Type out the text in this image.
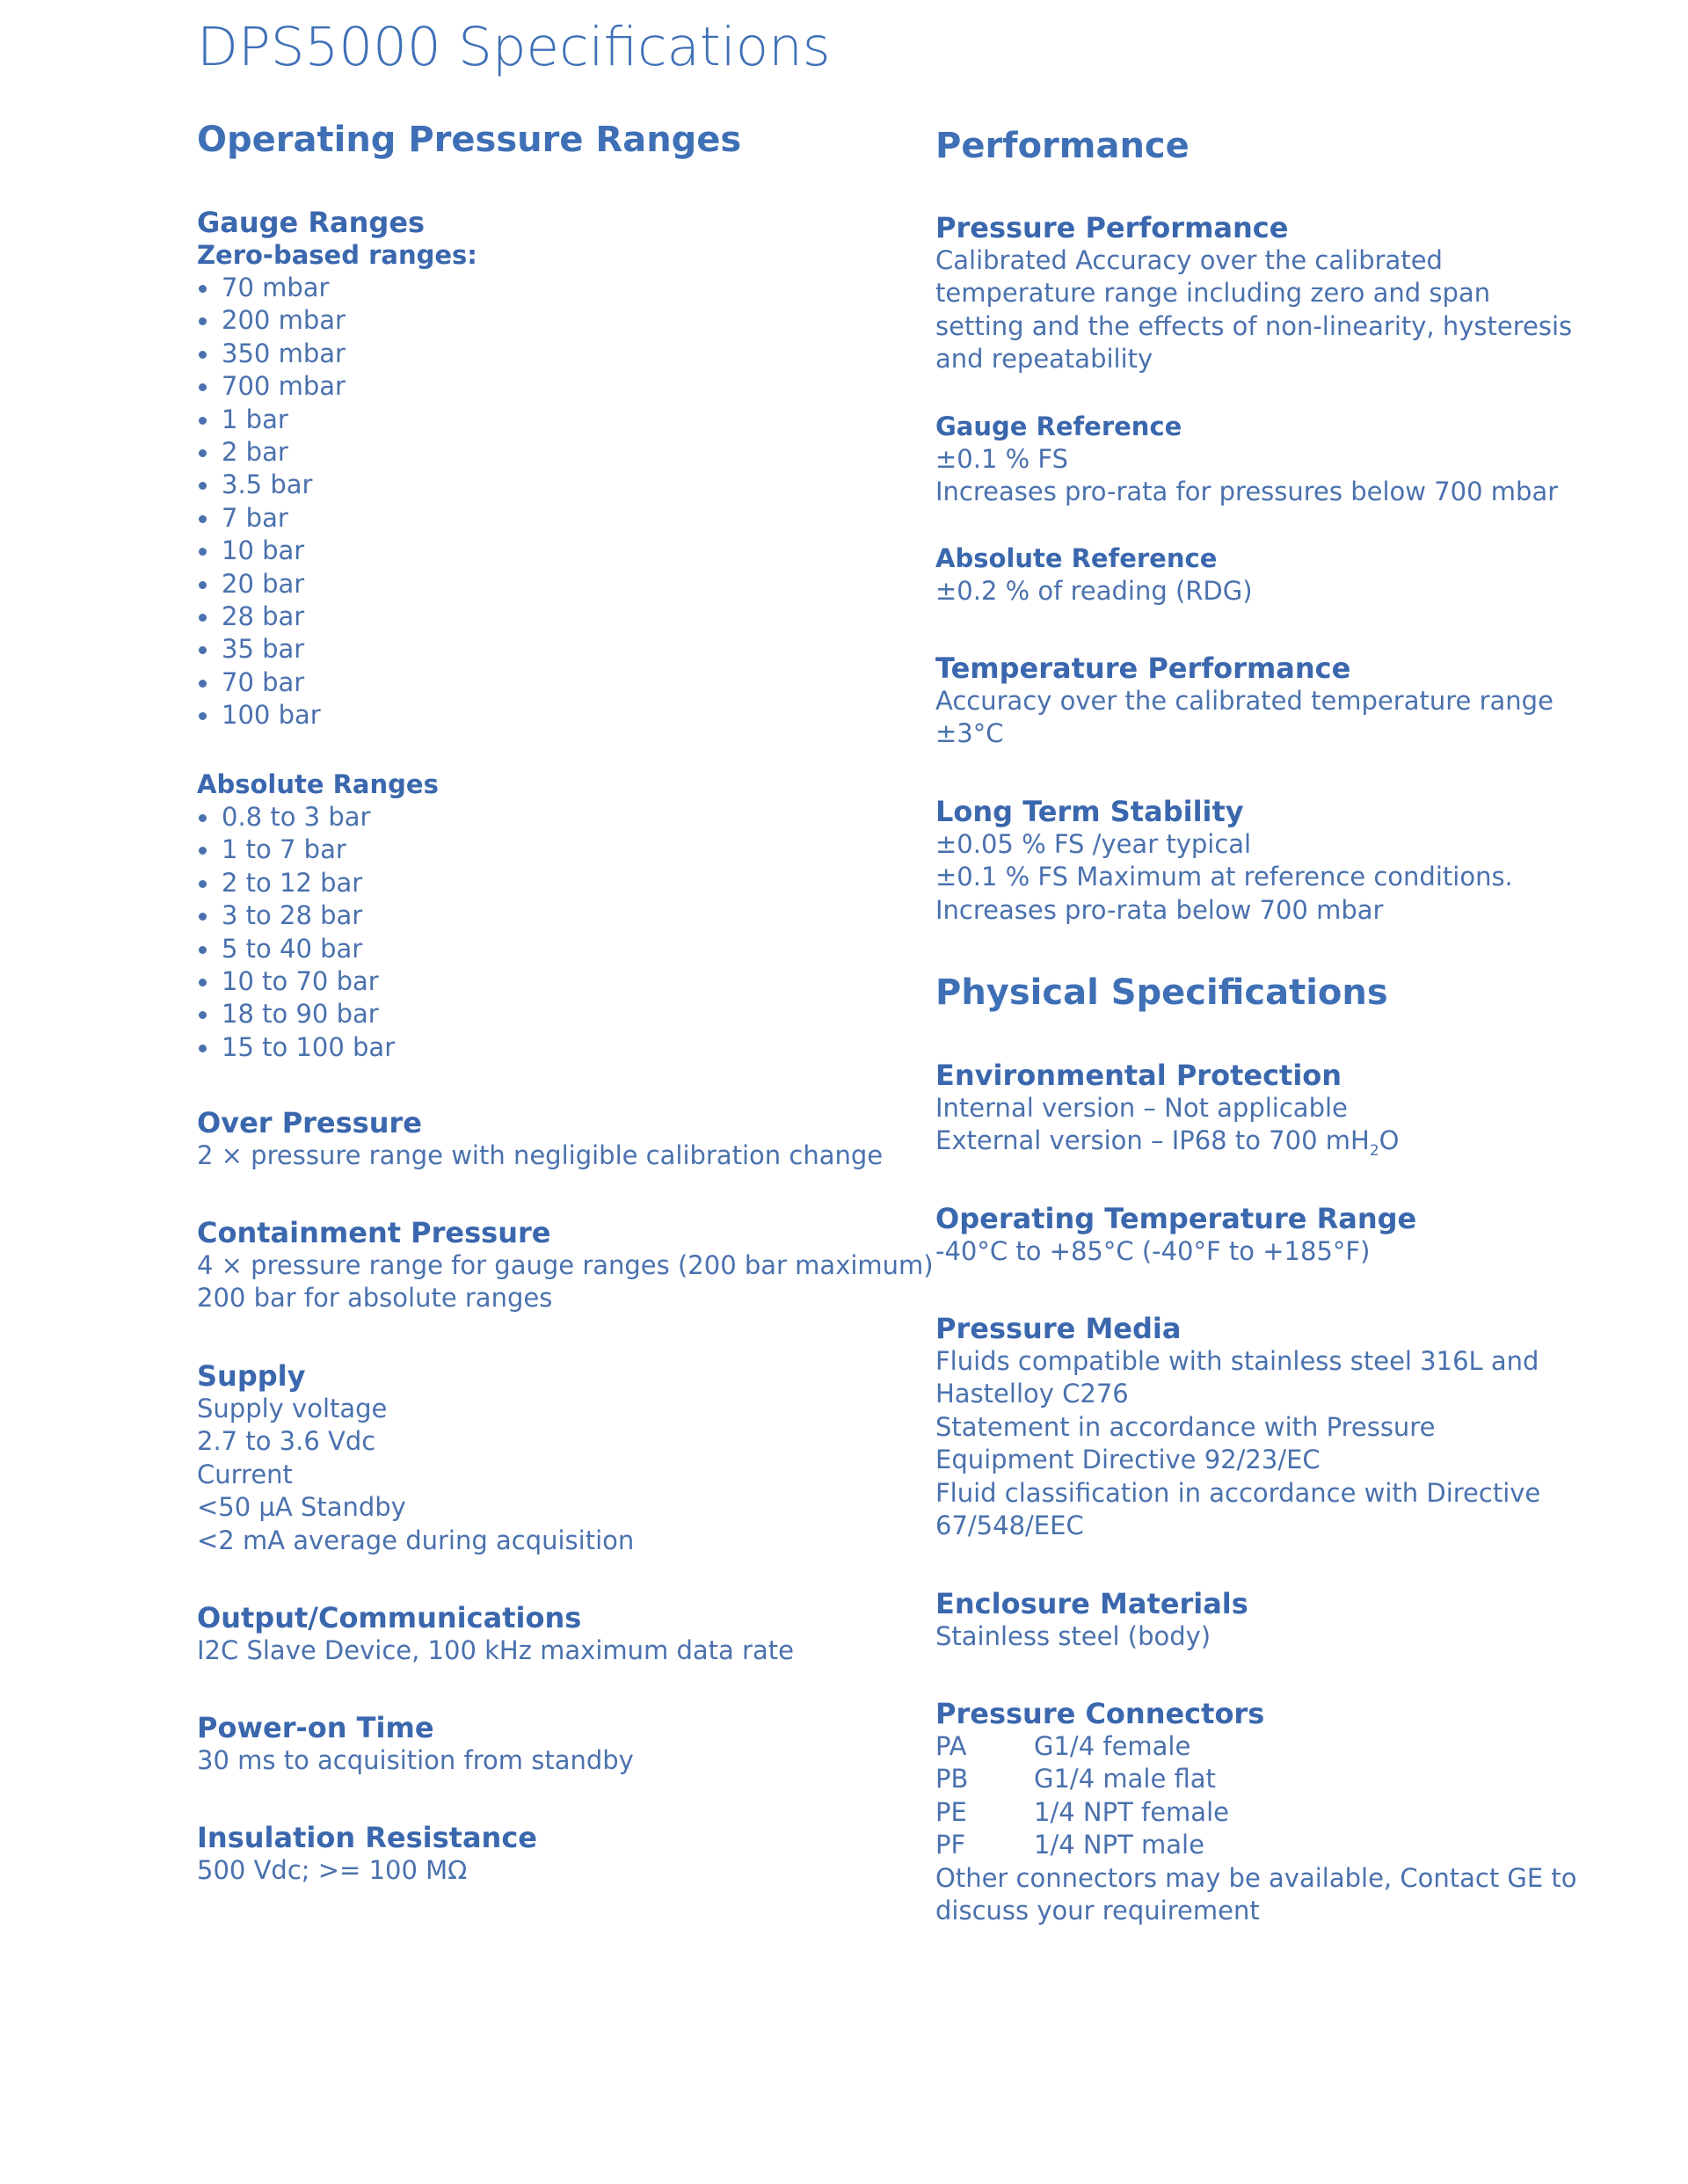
DPS5000 Specifications
Operating Pressure Ranges
Gauge Ranges
Zero-based ranges:
70 mbar
200 mbar
350 mbar
700 mbar
1 bar
2 bar
3.5 bar
7 bar
10 bar
20 bar
28 bar
35 bar
70 bar
100 bar
Absolute Ranges
0.8 to 3 bar
1 to 7 bar
2 to 12 bar
3 to 28 bar
5 to 40 bar
10 to 70 bar
18 to 90 bar
15 to 100 bar
Over Pressure
2 × pressure range with negligible calibration change
Containment Pressure
4 × pressure range for gauge ranges (200 bar maximum)
200 bar for absolute ranges
Supply
Supply voltage
2.7 to 3.6 Vdc
Current
<50 µA Standby
<2 mA average during acquisition
Output/Communications
I2C Slave Device, 100 kHz maximum data rate
Power-on Time
30 ms to acquisition from standby
Insulation Resistance
500 Vdc; >= 100 MΩ
Performance
Pressure Performance
Calibrated Accuracy over the calibrated
temperature range including zero and span
setting and the effects of non-linearity, hysteresis
and repeatability
Gauge Reference
±0.1 % FS
Increases pro-rata for pressures below 700 mbar
Absolute Reference
±0.2 % of reading (RDG)
Temperature Performance
Accuracy over the calibrated temperature range
±3°C
Long Term Stability
±0.05 % FS /year typical
±0.1 % FS Maximum at reference conditions.
Increases pro-rata below 700 mbar
Physical Specifications
Environmental Protection
Internal version – Not applicable
External version – IP68 to 700 $mH_2O$
Operating Temperature Range
-40°C to +85°C (-40°F to +185°F)
Pressure Media
Fluids compatible with stainless steel 316L and
Hastelloy C276
Statement in accordance with Pressure
Equipment Directive 92/23/EC
Fluid classification in accordance with Directive
67/548/EEC
Enclosure Materials
Stainless steel (body)
Pressure Connectors
PA	G1/4 female
PB	G1/4 male flat
PE	1/4 NPT female
PF	1/4 NPT male
Other connectors may be available, Contact GE to
discuss your requirement
